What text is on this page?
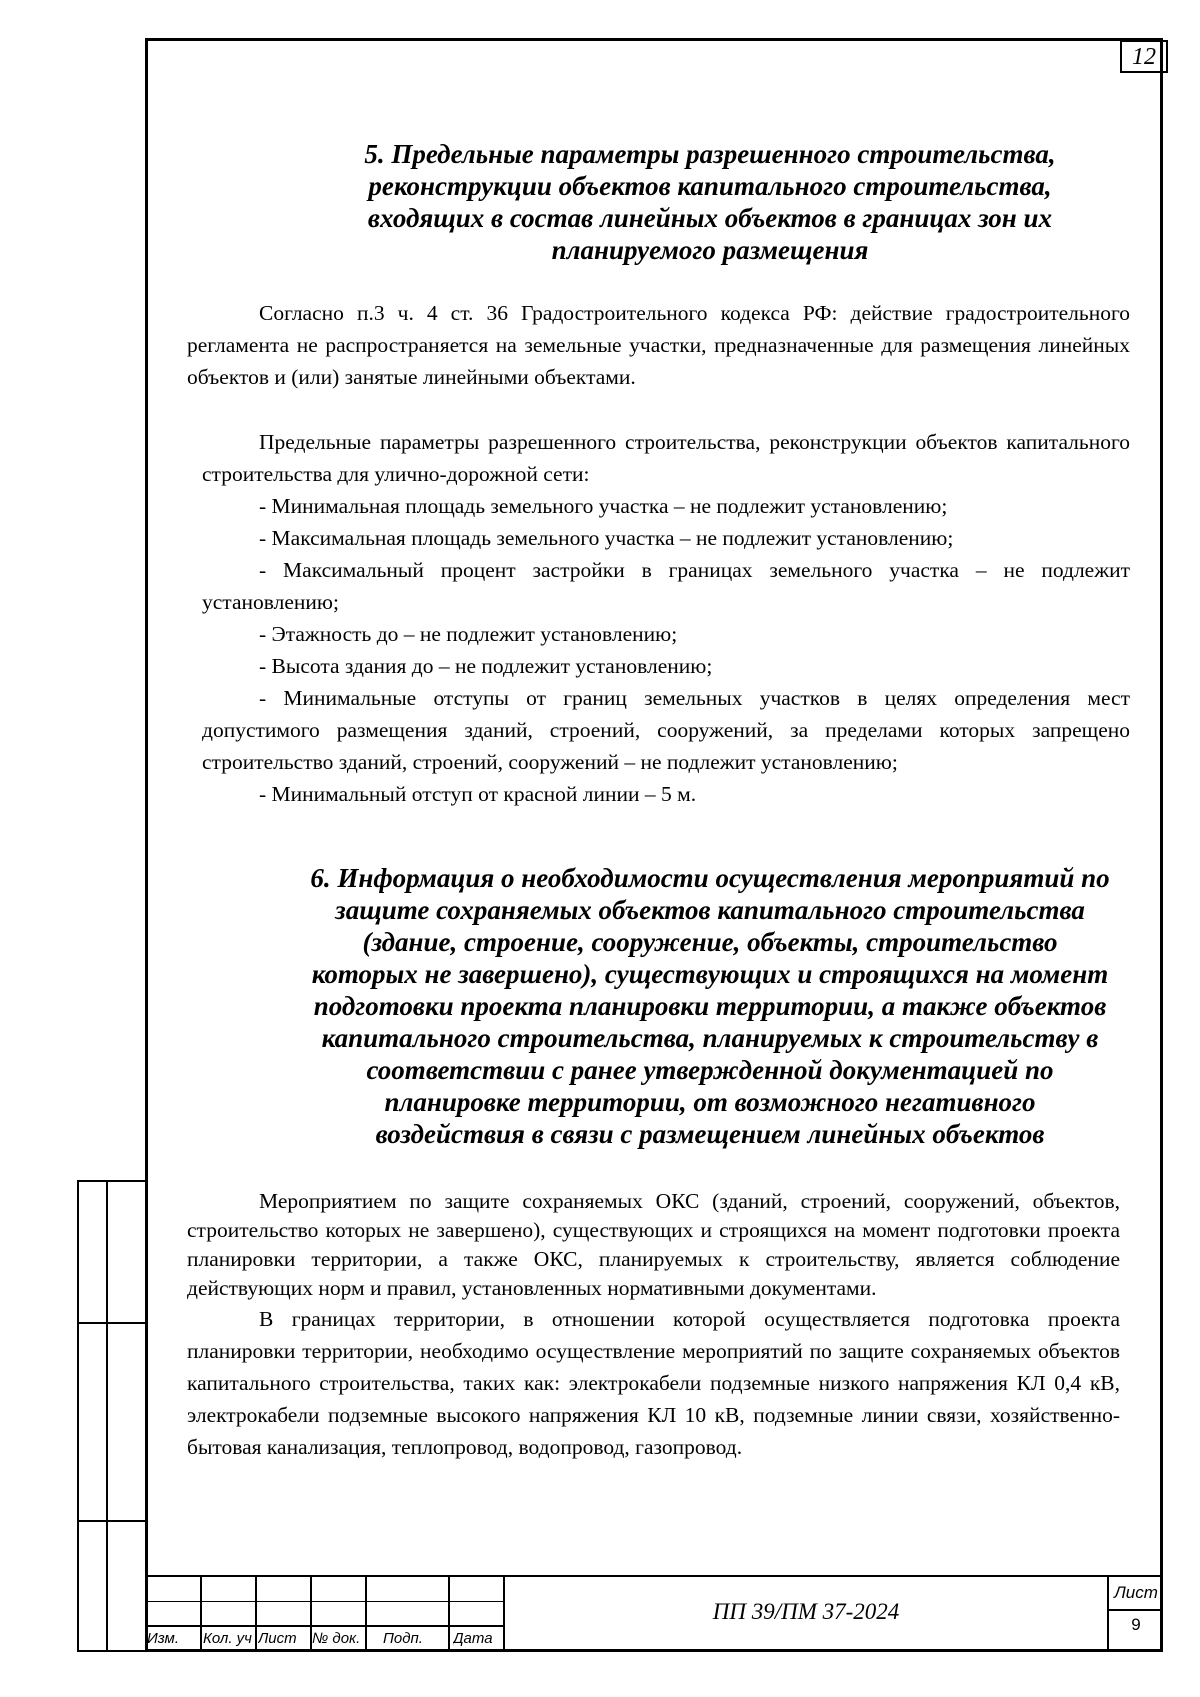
12
5. Предельные параметры разрешенного строительства,
реконструкции объектов капитального строительства,
входящих в состав линейных объектов в границах зон их
планируемого размещения

Согласно п.3 ч. 4 ст. 36 Градостроительного кодекса РФ: действие градостроительного регламента не распространяется на земельные участки, предназначенные для размещения линейных объектов и (или) занятые линейными объектами.

Предельные параметры разрешенного строительства, реконструкции объектов капитального строительства для улично-дорожной сети:

- Минимальная площадь земельного участка – не подлежит установлению;

- Максимальная площадь земельного участка – не подлежит установлению;

- Максимальный процент застройки в границах земельного участка – не подлежит установлению;

- Этажность до – не подлежит установлению;

- Высота здания до – не подлежит установлению;

- Минимальные отступы от границ земельных участков в целях определения мест допустимого размещения зданий, строений, сооружений, за пределами которых запрещено строительство зданий, строений, сооружений – не подлежит установлению;

- Минимальный отступ от красной линии – 5 м.

6. Информация о необходимости осуществления мероприятий по
защите сохраняемых объектов капитального строительства
(здание, строение, сооружение, объекты, строительство
которых не завершено), существующих и строящихся на момент
подготовки проекта планировки территории, а также объектов
капитального строительства, планируемых к строительству в
соответствии с ранее утвержденной документацией по
планировке территории, от возможного негативного
воздействия в связи с размещением линейных объектов

Мероприятием по защите сохраняемых ОКС (зданий, строений, сооружений, объектов, строительство которых не завершено), существующих и строящихся на момент подготовки проекта планировки территории, а также ОКС, планируемых к строительству, является соблюдение действующих норм и правил, установленных нормативными документами.

В границах территории, в отношении которой осуществляется подготовка проекта планировки территории, необходимо осуществление мероприятий по защите сохраняемых объектов капитального строительства, таких как: электрокабели подземные низкого напряжения КЛ 0,4 кВ, электрокабели подземные высокого напряжения КЛ 10 кВ, подземные линии связи, хозяйственно-бытовая канализация, теплопровод, водопровод, газопровод.

Изм.	Кол. уч Лист	№ док. Подп.	Дата
ПП 39/ПМ 37-2024
Лист
9
